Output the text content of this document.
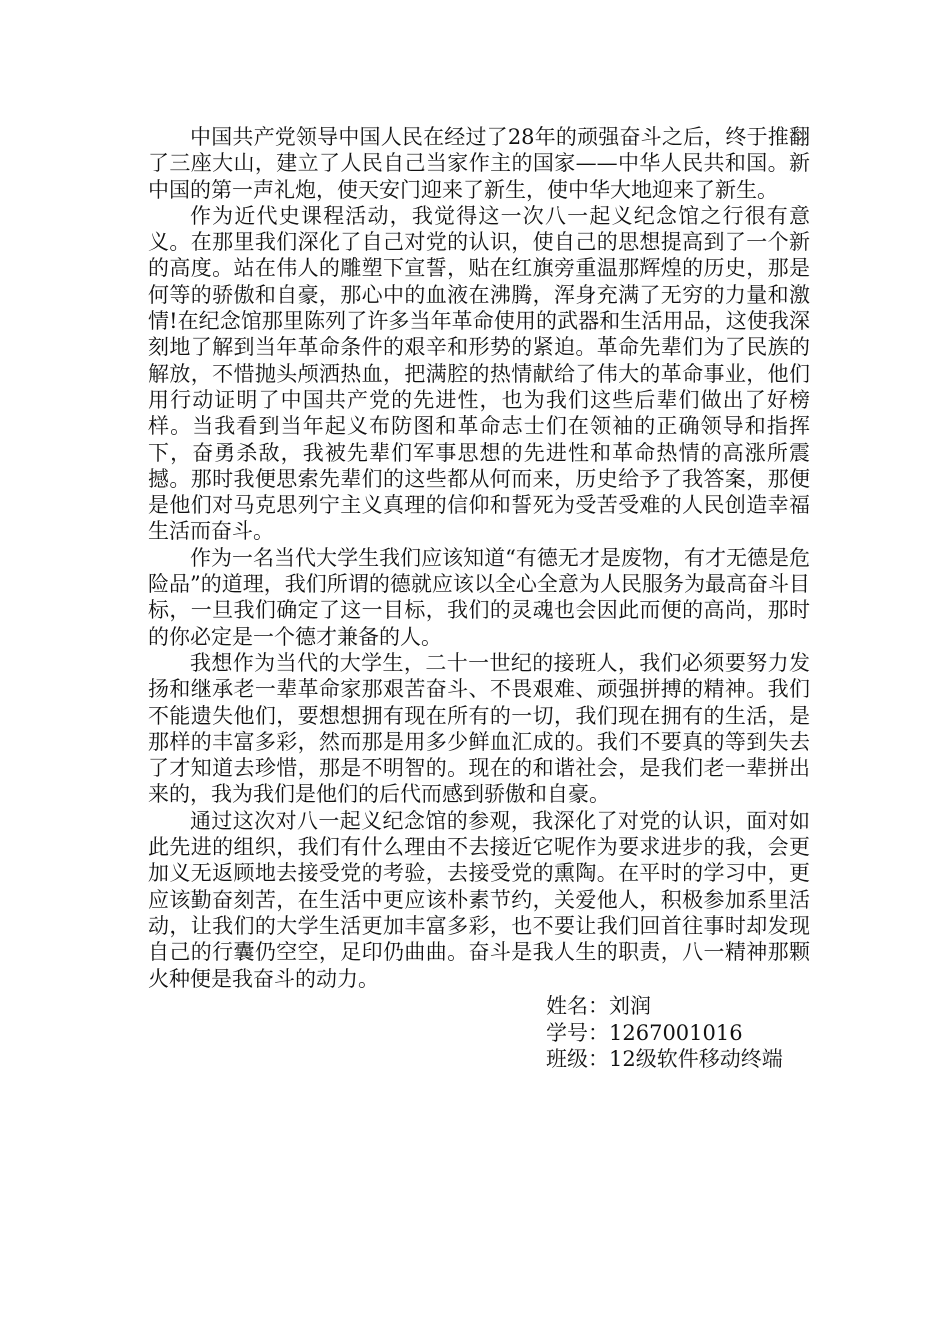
中国共产党领导中国人民在经过了28年的顽强奋斗之后，终于推翻了三座大山，建立了人民自己当家作主的国家——中华人民共和国。新中国的第一声礼炮，使天安门迎来了新生，使中华大地迎来了新生。

作为近代史课程活动，我觉得这一次八一起义纪念馆之行很有意义。在那里我们深化了自己对党的认识，使自己的思想提高到了一个新的高度。站在伟人的雕塑下宣誓，贴在红旗旁重温那辉煌的历史，那是何等的骄傲和自豪，那心中的血液在沸腾，浑身充满了无穷的力量和激情!在纪念馆那里陈列了许多当年革命使用的武器和生活用品，这使我深刻地了解到当年革命条件的艰辛和形势的紧迫。革命先辈们为了民族的解放，不惜抛头颅洒热血，把满腔的热情献给了伟大的革命事业，他们用行动证明了中国共产党的先进性，也为我们这些后辈们做出了好榜样。当我看到当年起义布防图和革命志士们在领袖的正确领导和指挥下，奋勇杀敌，我被先辈们军事思想的先进性和革命热情的高涨所震撼。那时我便思索先辈们的这些都从何而来，历史给予了我答案，那便是他们对马克思列宁主义真理的信仰和誓死为受苦受难的人民创造幸福生活而奋斗。

作为一名当代大学生我们应该知道“有德无才是废物，有才无德是危险品”的道理，我们所谓的德就应该以全心全意为人民服务为最高奋斗目标，一旦我们确定了这一目标，我们的灵魂也会因此而便的高尚，那时的你必定是一个德才兼备的人。

我想作为当代的大学生，二十一世纪的接班人，我们必须要努力发扬和继承老一辈革命家那艰苦奋斗、不畏艰难、顽强拼搏的精神。我们不能遗失他们，要想想拥有现在所有的一切，我们现在拥有的生活，是那样的丰富多彩，然而那是用多少鲜血汇成的。我们不要真的等到失去了才知道去珍惜，那是不明智的。现在的和谐社会，是我们老一辈拼出来的，我为我们是他们的后代而感到骄傲和自豪。

通过这次对八一起义纪念馆的参观，我深化了对党的认识，面对如此先进的组织，我们有什么理由不去接近它呢作为要求进步的我，会更加义无返顾地去接受党的考验，去接受党的熏陶。在平时的学习中，更应该勤奋刻苦，在生活中更应该朴素节约，关爱他人，积极参加系里活动，让我们的大学生活更加丰富多彩，也不要让我们回首往事时却发现自己的行囊仍空空，足印仍曲曲。奋斗是我人生的职责，八一精神那颗火种便是我奋斗的动力。

姓名：刘润
学号：1267001016
班级：12级软件移动终端
